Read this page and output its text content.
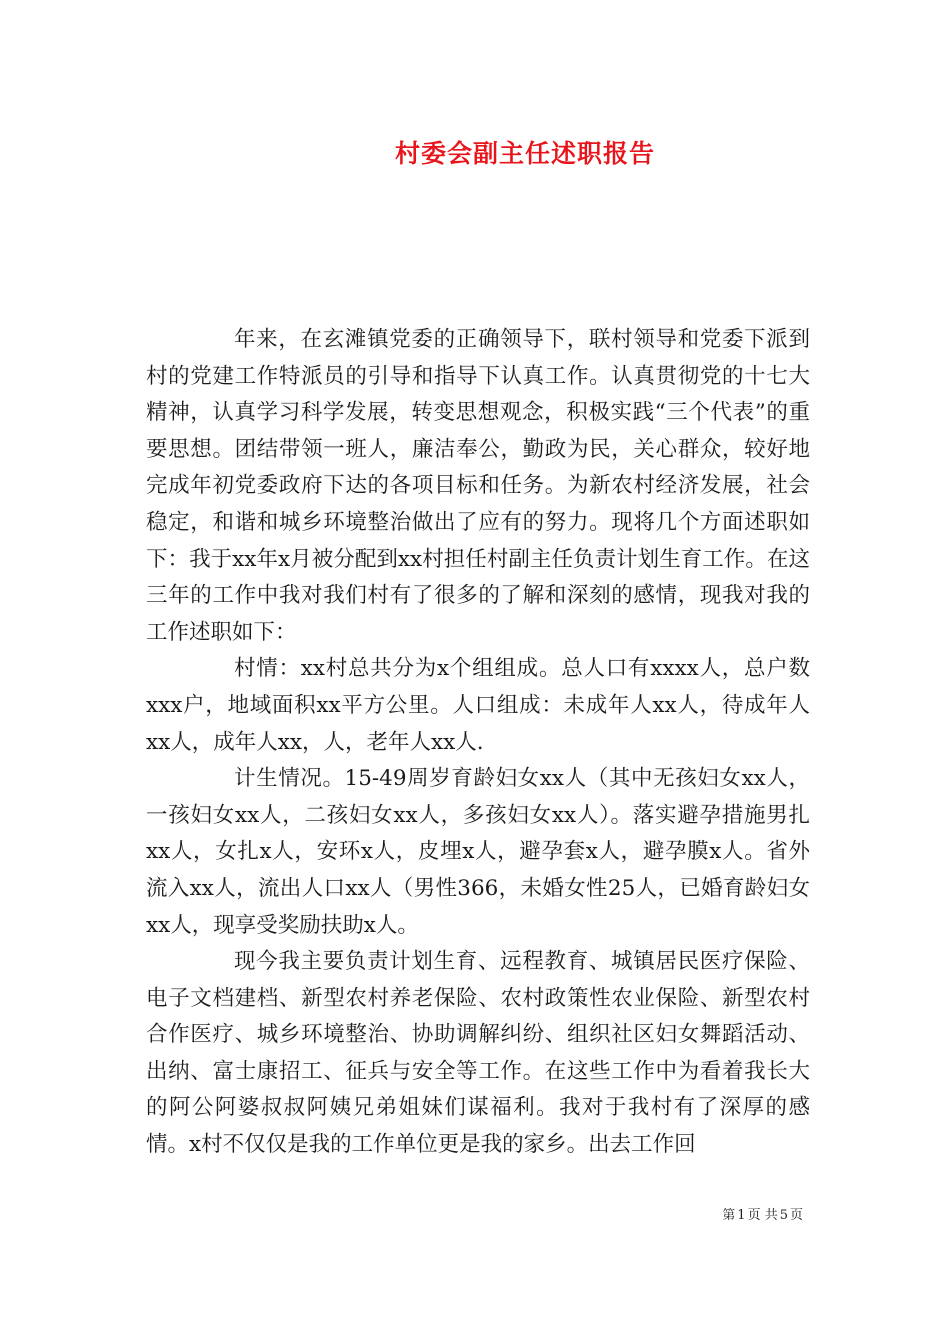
村委会副主任述职报告

年来，在玄滩镇党委的正确领导下，联村领导和党委下派到村的党建工作特派员的引导和指导下认真工作。认真贯彻党的十七大精神，认真学习科学发展，转变思想观念，积极实践“三个代表”的重要思想。团结带领一班人，廉洁奉公，勤政为民，关心群众，较好地完成年初党委政府下达的各项目标和任务。为新农村经济发展，社会稳定，和谐和城乡环境整治做出了应有的努力。现将几个方面述职如下：我于xx年x月被分配到xx村担任村副主任负责计划生育工作。在这三年的工作中我对我们村有了很多的了解和深刻的感情，现我对我的工作述职如下：

村情：xx村总共分为x个组组成。总人口有xxxx人，总户数xxx户，地域面积xx平方公里。人口组成：未成年人xx人，待成年人xx人，成年人xx，人，老年人xx人.

计生情况。15-49周岁育龄妇女xx人（其中无孩妇女xx人，一孩妇女xx人，二孩妇女xx人，多孩妇女xx人）。落实避孕措施男扎xx人，女扎x人，安环x人，皮埋x人，避孕套x人，避孕膜x人。省外流入xx人，流出人口xx人（男性366，未婚女性25人，已婚育龄妇女xx人，现享受奖励扶助x人。

现今我主要负责计划生育、远程教育、城镇居民医疗保险、电子文档建档、新型农村养老保险、农村政策性农业保险、新型农村合作医疗、城乡环境整治、协助调解纠纷、组织社区妇女舞蹈活动、出纳、富士康招工、征兵与安全等工作。在这些工作中为看着我长大的阿公阿婆叔叔阿姨兄弟姐妹们谋福利。我对于我村有了深厚的感情。x村不仅仅是我的工作单位更是我的家乡。出去工作回

第 1 页 共 5 页
